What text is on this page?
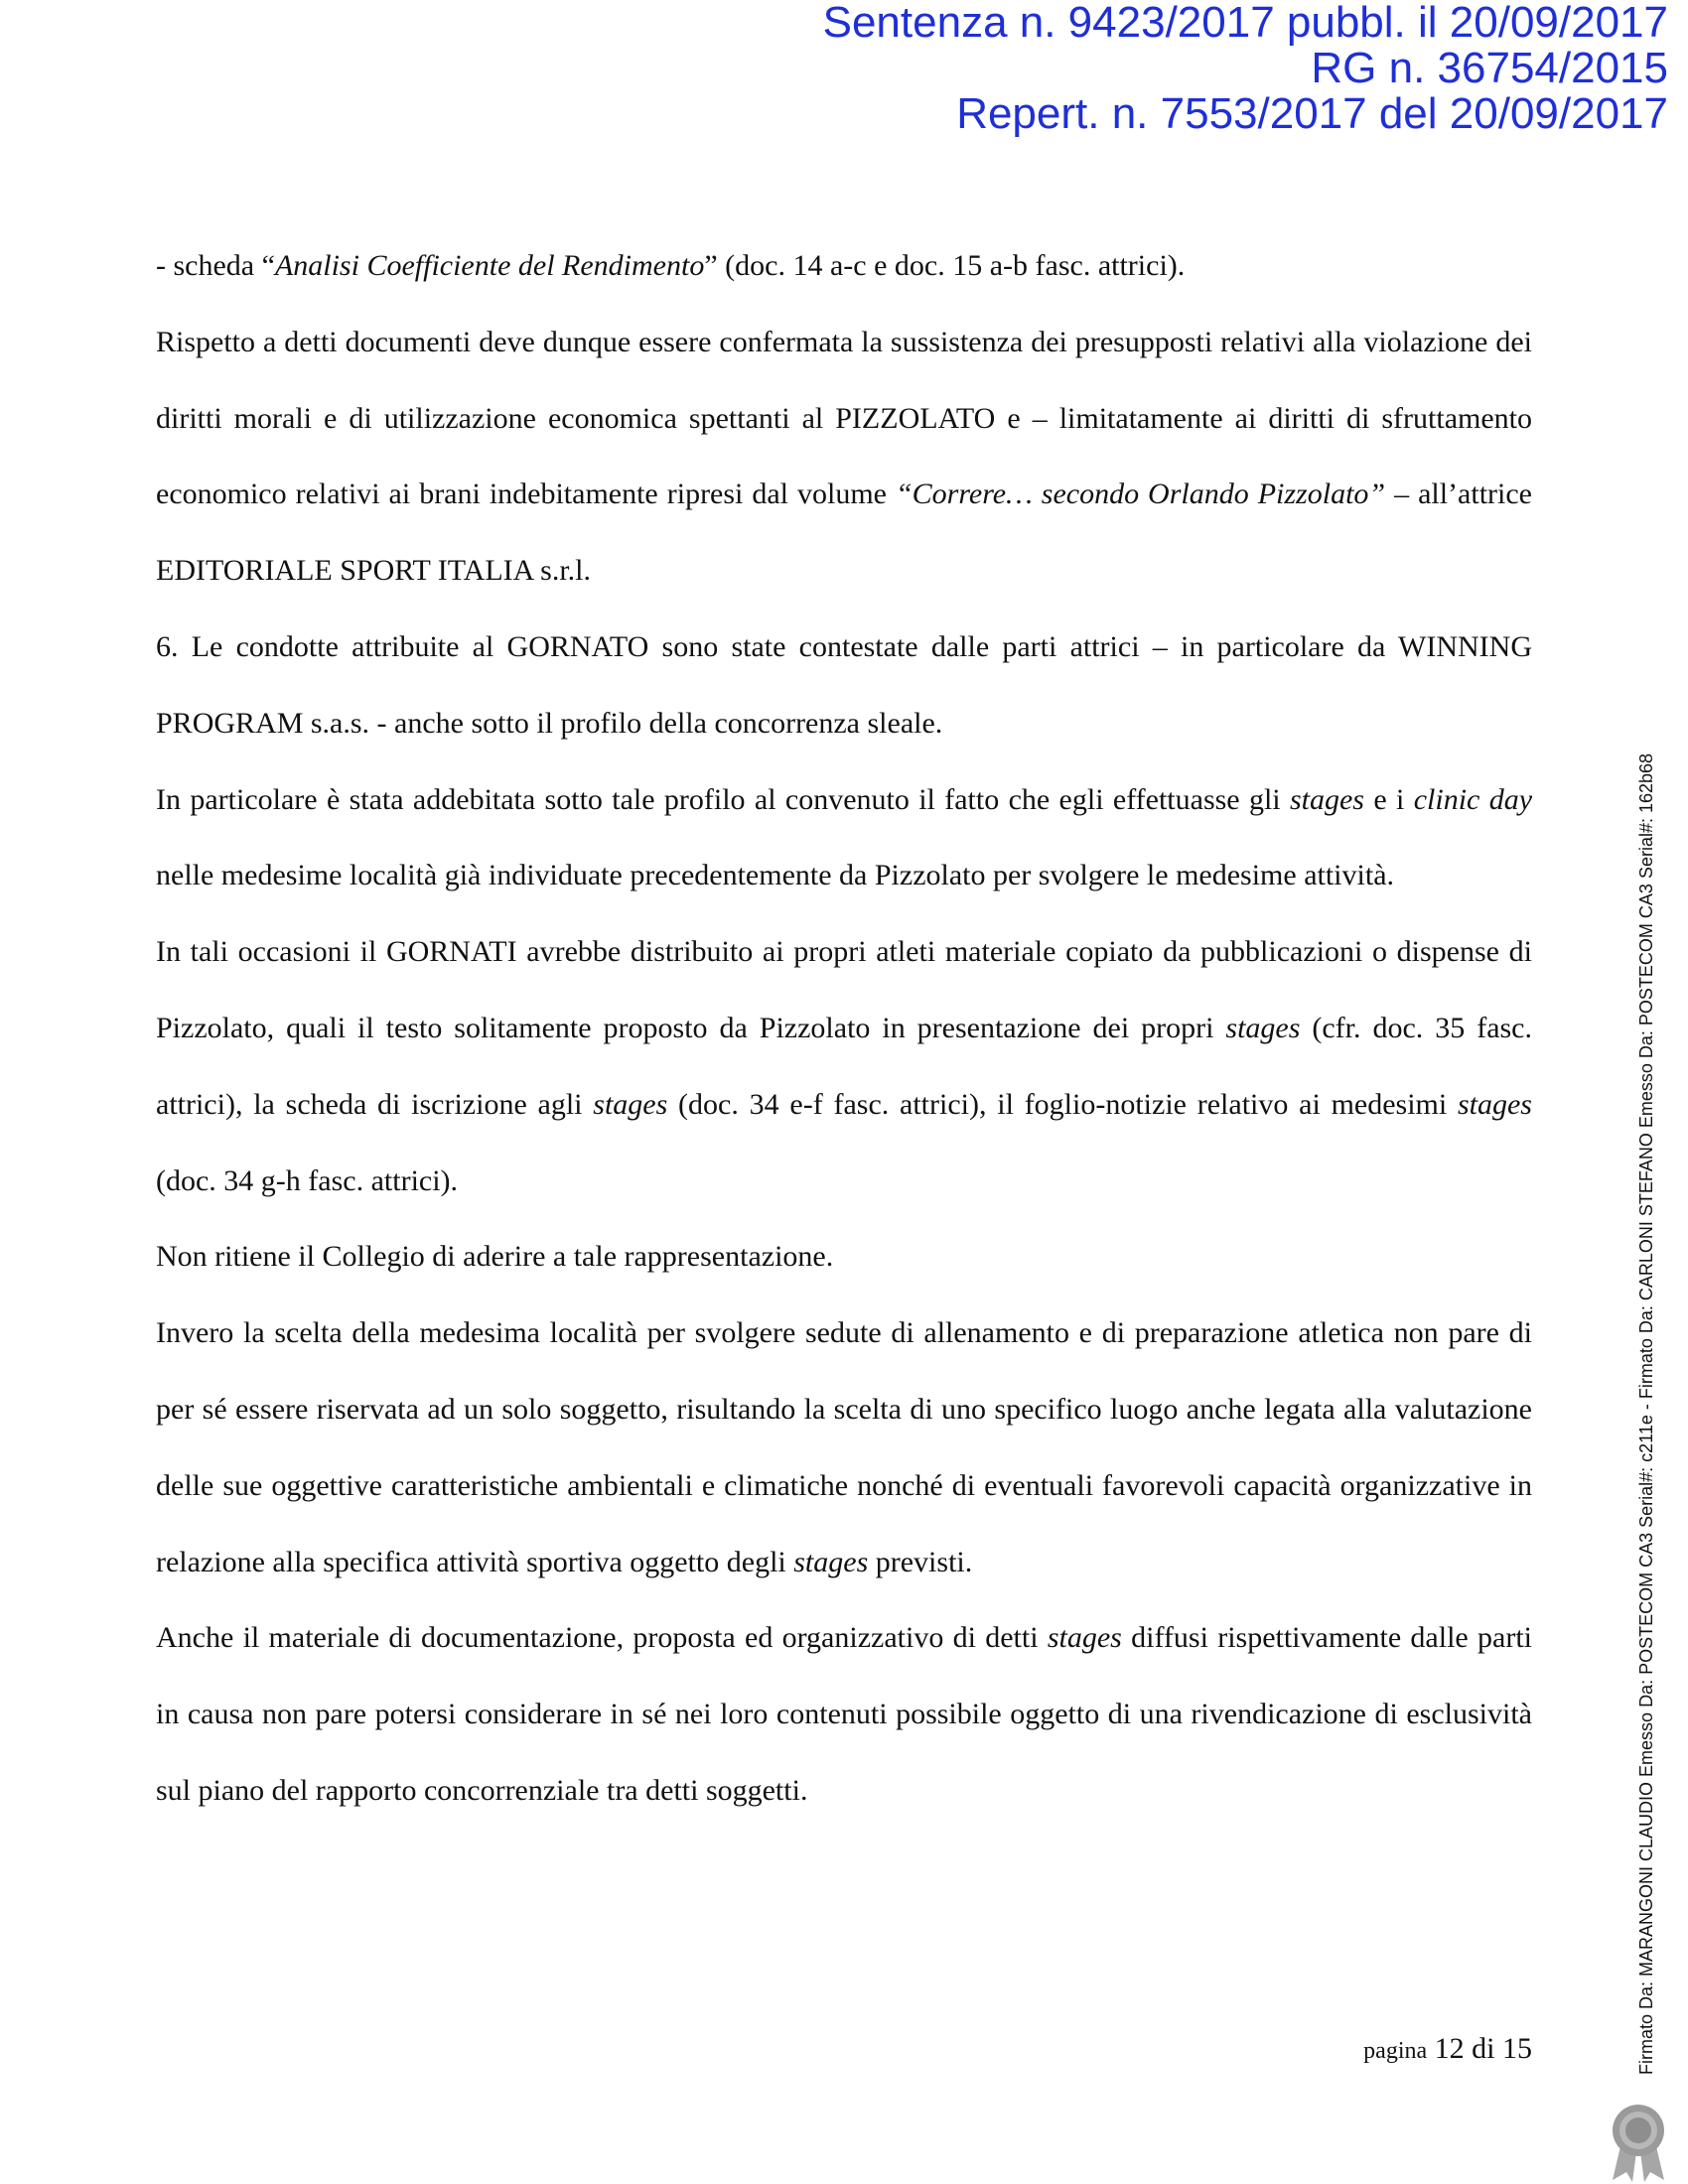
Sentenza n. 9423/2017 pubbl. il 20/09/2017
RG n. 36754/2015
Repert. n. 7553/2017 del 20/09/2017

- scheda “Analisi Coefficiente del Rendimento” (doc. 14 a-c e doc. 15 a-b fasc. attrici).

Rispetto a detti documenti deve dunque essere confermata la sussistenza dei presupposti relativi alla violazione dei diritti morali e di utilizzazione economica spettanti al PIZZOLATO e – limitatamente ai diritti di sfruttamento economico relativi ai brani indebitamente ripresi dal volume “Correre… secondo Orlando Pizzolato” – all’attrice EDITORIALE SPORT ITALIA s.r.l.

6. Le condotte attribuite al GORNATO sono state contestate dalle parti attrici – in particolare da WINNING PROGRAM s.a.s. - anche sotto il profilo della concorrenza sleale.

In particolare è stata addebitata sotto tale profilo al convenuto il fatto che egli effettuasse gli stages e i clinic day nelle medesime località già individuate precedentemente da Pizzolato per svolgere le medesime attività.

In tali occasioni il GORNATI avrebbe distribuito ai propri atleti materiale copiato da pubblicazioni o dispense di Pizzolato, quali il testo solitamente proposto da Pizzolato in presentazione dei propri stages (cfr. doc. 35 fasc. attrici), la scheda di iscrizione agli stages (doc. 34 e-f fasc. attrici), il foglio-notizie relativo ai medesimi stages (doc. 34 g-h fasc. attrici).

Non ritiene il Collegio di aderire a tale rappresentazione.

Invero la scelta della medesima località per svolgere sedute di allenamento e di preparazione atletica non pare di per sé essere riservata ad un solo soggetto, risultando la scelta di uno specifico luogo anche legata alla valutazione delle sue oggettive caratteristiche ambientali e climatiche nonché di eventuali favorevoli capacità organizzative in relazione alla specifica attività sportiva oggetto degli stages previsti.

Anche il materiale di documentazione, proposta ed organizzativo di detti stages diffusi rispettivamente dalle parti in causa non pare potersi considerare in sé nei loro contenuti possibile oggetto di una rivendicazione di esclusività sul piano del rapporto concorrenziale tra detti soggetti.

pagina 12 di 15	Firmato Da: MARANGONI CLAUDIO Emesso Da: POSTECOM CA3 Serial#: c211e - Firmato Da: CARLONI STEFANO Emesso Da: POSTECOM CA3 Serial#: 162b68
